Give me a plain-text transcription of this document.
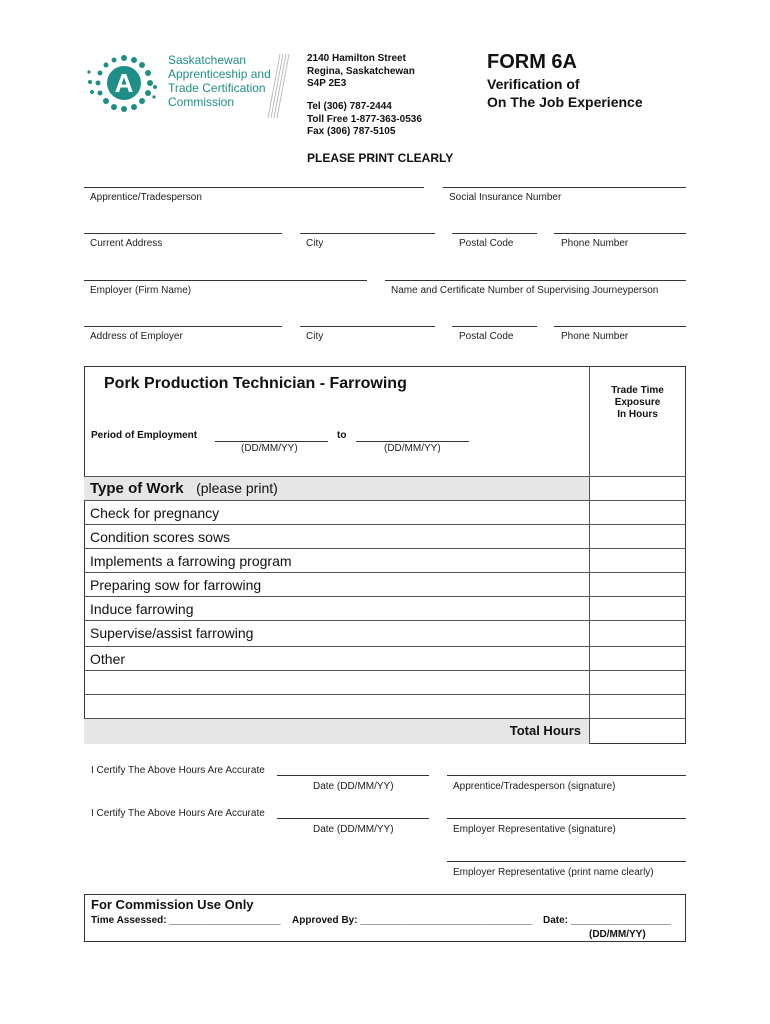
A
Saskatchewan
Apprenticeship and
Trade Certification
Commission
2140 Hamilton Street
Regina, Saskatchewan
S4P 2E3
Tel (306) 787-2444
Toll Free 1-877-363-0536
Fax (306) 787-5105
FORM 6A
Verification of
On The Job Experience
PLEASE PRINT CLEARLY
Apprentice/Tradesperson	Social Insurance Number
Current Address	City	Postal Code	Phone Number
Employer (Firm Name)	Name and Certificate Number of Supervising Journeyperson
Address of Employer	City	Postal Code	Phone Number
Pork Production Technician - Farrowing	Trade Time
Exposure
In Hours
Period of Employment	to
(DD/MM/YY)	(DD/MM/YY)
Type of Work (please print)
Check for pregnancy
Condition scores sows
Implements a farrowing program
Preparing sow for farrowing
Induce farrowing
Supervise/assist farrowing
Other
Total Hours
I Certify The Above Hours Are Accurate
Date (DD/MM/YY)	Apprentice/Tradesperson (signature)
I Certify The Above Hours Are Accurate
Date (DD/MM/YY)	Employer Representative (signature)
Employer Representative (print name clearly)
For Commission Use Only
Time Assessed: ____________________ Approved By: _______________________________ Date: __________________
(DD/MM/YY)
